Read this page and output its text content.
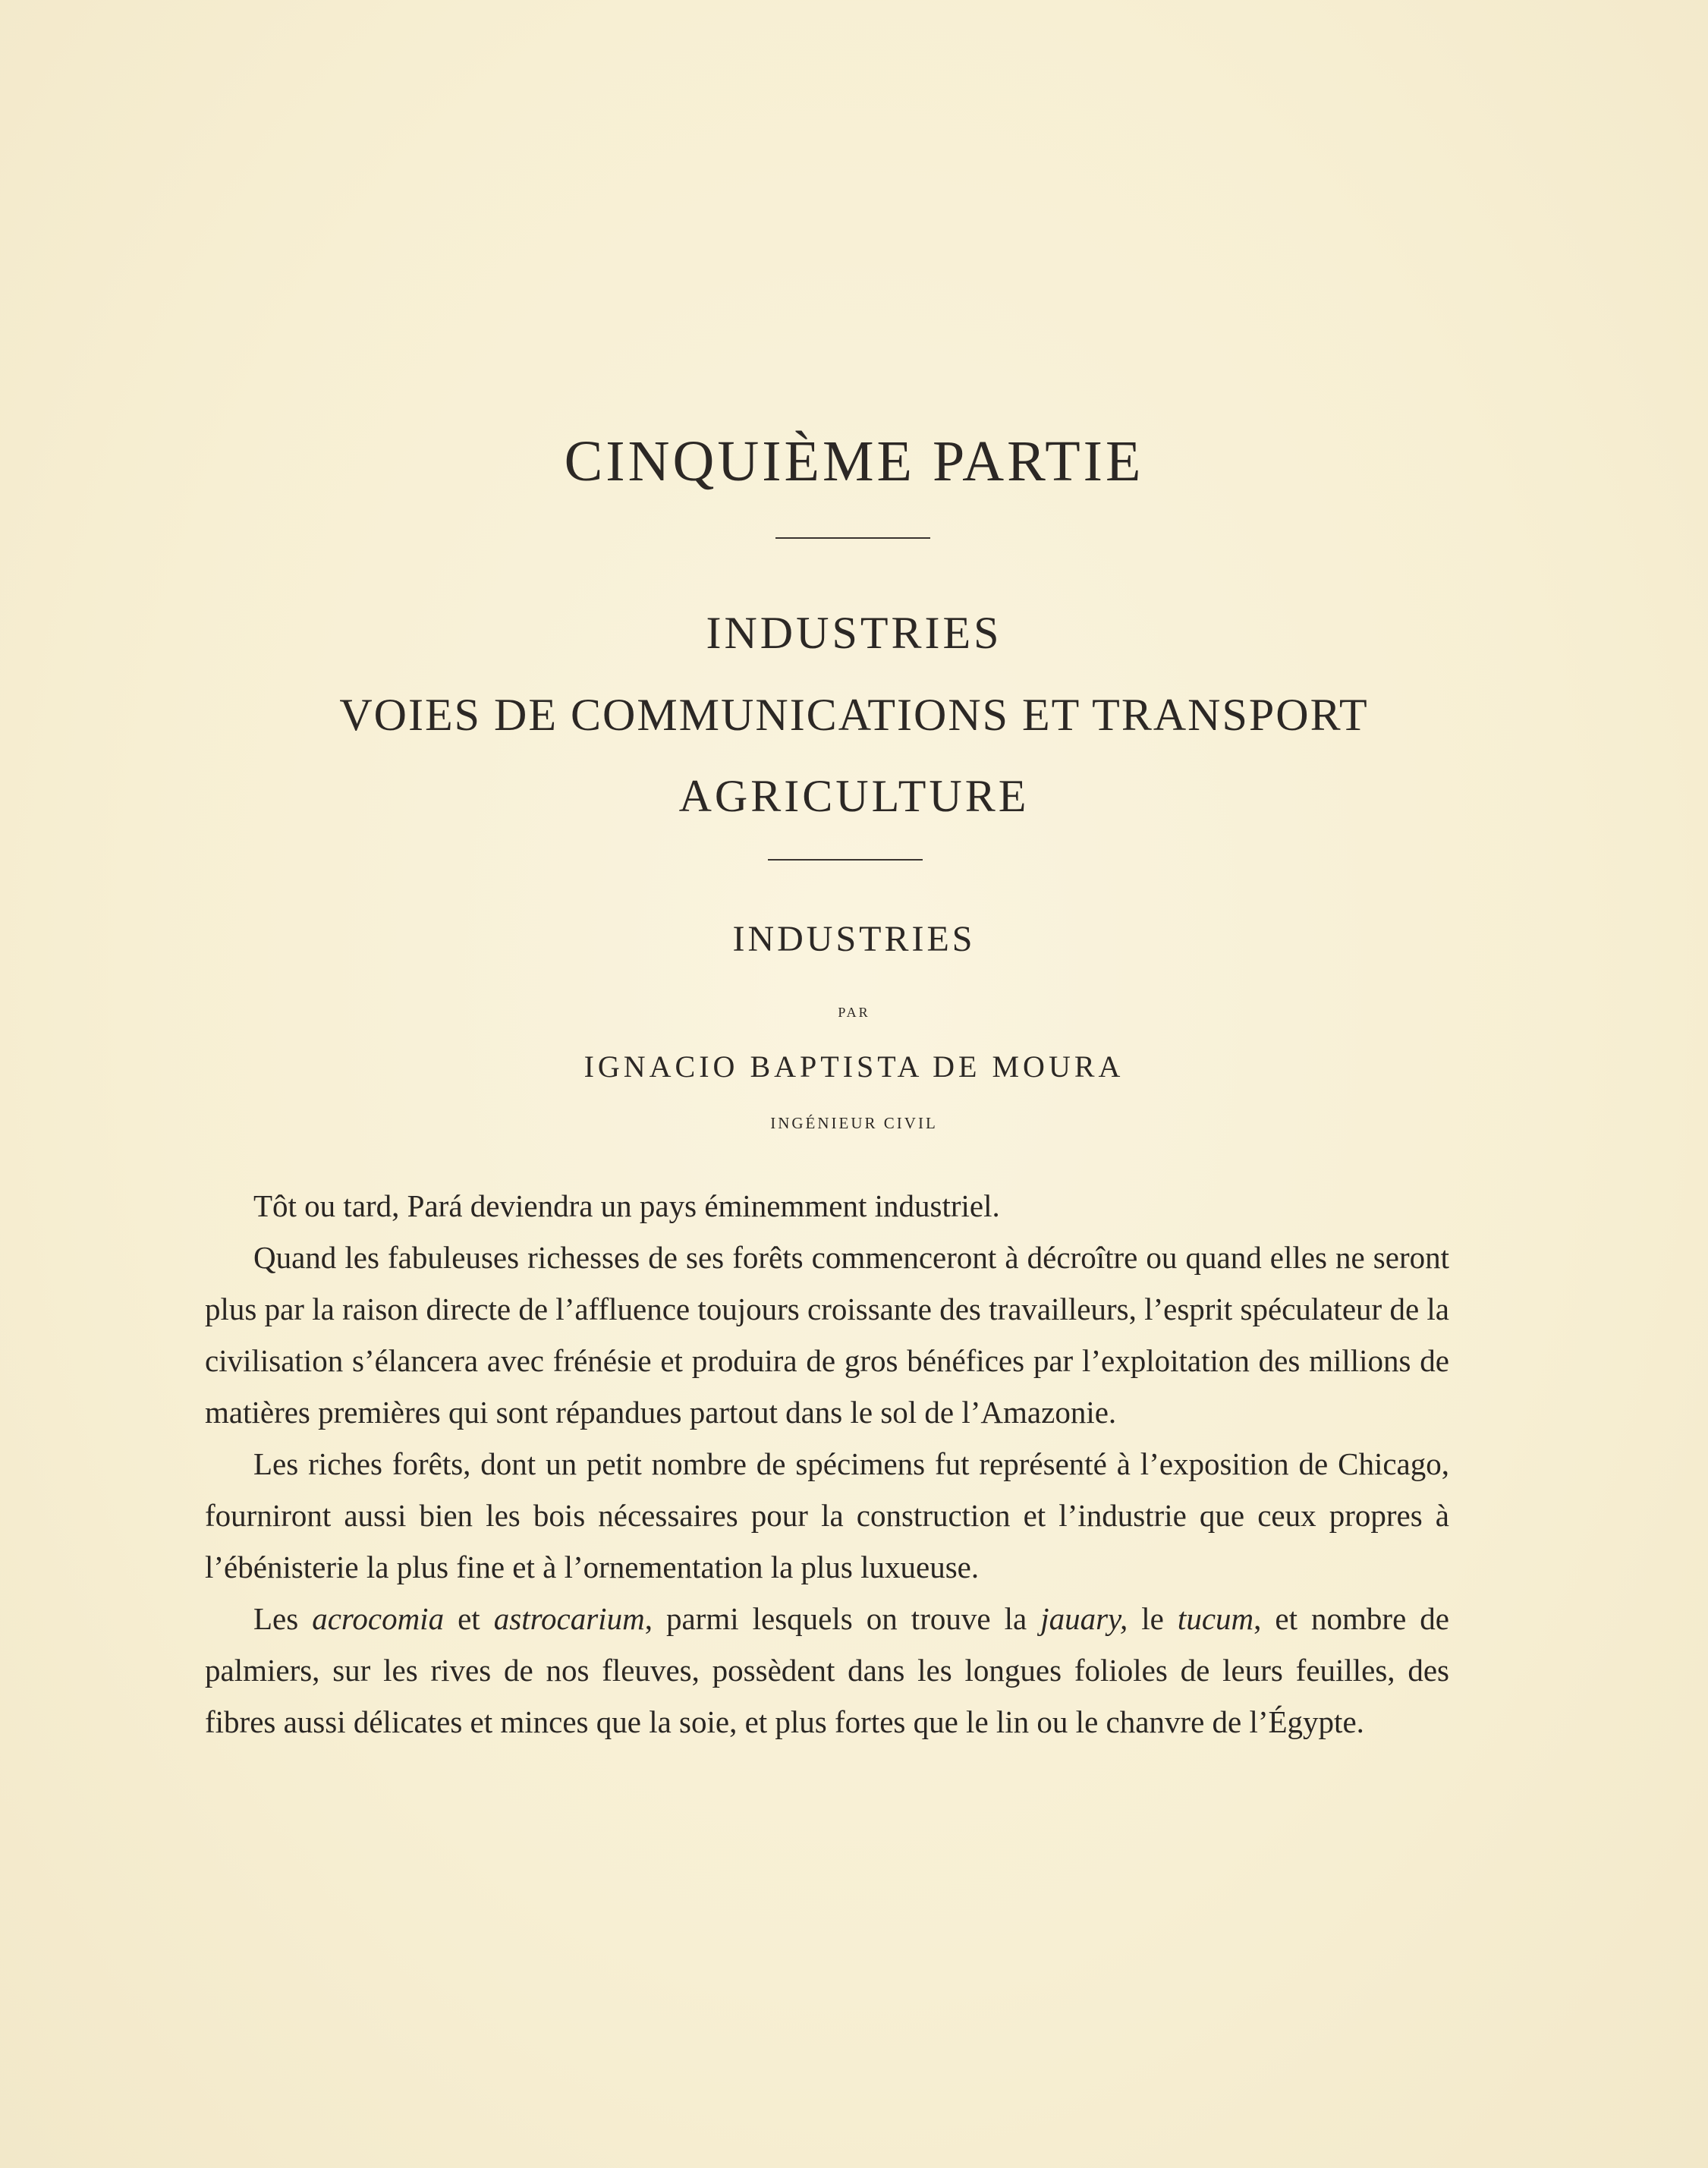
CINQUIÈME PARTIE
INDUSTRIES
VOIES DE COMMUNICATIONS ET TRANSPORT
AGRICULTURE
INDUSTRIES
PAR
IGNACIO BAPTISTA DE MOURA
INGÉNIEUR CIVIL

Tôt ou tard, Pará deviendra un pays éminemment industriel.

Quand les fabuleuses richesses de ses forêts commenceront à décroître ou quand elles ne seront plus par la raison directe de l’affluence toujours croissante des travailleurs, l’esprit spéculateur de la civilisation s’élancera avec frénésie et produira de gros bénéfices par l’exploitation des millions de matières premières qui sont répandues partout dans le sol de l’Amazonie.

Les riches forêts, dont un petit nombre de spécimens fut représenté à l’exposition de Chicago, fourniront aussi bien les bois nécessaires pour la construction et l’industrie que ceux propres à l’ébénisterie la plus fine et à l’ornementation la plus luxueuse.

Les acrocomia et astrocarium, parmi lesquels on trouve la jauary, le tucum, et nombre de palmiers, sur les rives de nos fleuves, possèdent dans les longues folioles de leurs feuilles, des fibres aussi délicates et minces que la soie, et plus fortes que le lin ou le chanvre de l’Égypte.
